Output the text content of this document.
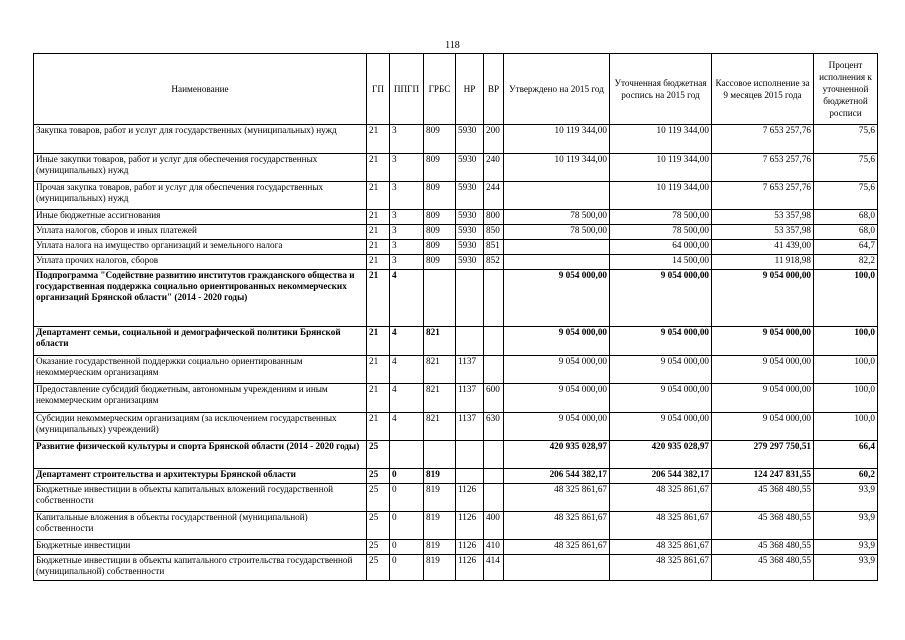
118
Наименование	ГП	ППГП	ГРБС	НР	ВР	Утверждено на 2015 год	Уточненная бюджетная роспись на 2015 год	Кассовое исполнение за 9 месяцев 2015 года	Процент исполнения к уточненной бюджетной росписи
Закупка товаров, работ и услуг для государственных (муниципальных) нужд	21	3	809	5930	200	10 119 344,00	10 119 344,00	7 653 257,76	75,6
Иные закупки товаров, работ и услуг для обеспечения государственных (муниципальных) нужд	21	3	809	5930	240	10 119 344,00	10 119 344,00	7 653 257,76	75,6
Прочая закупка товаров, работ и услуг для обеспечения государственных (муниципальных) нужд	21	3	809	5930	244		10 119 344,00	7 653 257,76	75,6
Иные бюджетные ассигнования	21	3	809	5930	800	78 500,00	78 500,00	53 357,98	68,0
Уплата налогов, сборов и иных платежей	21	3	809	5930	850	78 500,00	78 500,00	53 357,98	68,0
Уплата налога на имущество организаций и земельного налога	21	3	809	5930	851		64 000,00	41 439,00	64,7
Уплата прочих налогов, сборов	21	3	809	5930	852		14 500,00	11 918,98	82,2
Подпрограмма "Содействие развитию институтов гражданского общества и государственная поддержка социально ориентированных некоммерческих организаций Брянской области" (2014 - 2020 годы)	21	4				9 054 000,00	9 054 000,00	9 054 000,00	100,0
Департамент семьи, социальной и демографической политики Брянской области	21	4	821			9 054 000,00	9 054 000,00	9 054 000,00	100,0
Оказание государственной поддержки социально ориентированным некоммерческим организациям	21	4	821	1137		9 054 000,00	9 054 000,00	9 054 000,00	100,0
Предоставление субсидий бюджетным, автономным учреждениям и иным некоммерческим организациям	21	4	821	1137	600	9 054 000,00	9 054 000,00	9 054 000,00	100,0
Субсидии некоммерческим организациям (за исключением государственных (муниципальных) учреждений)	21	4	821	1137	630	9 054 000,00	9 054 000,00	9 054 000,00	100,0
Развитие физической культуры и спорта Брянской области (2014 - 2020 годы)	25					420 935 028,97	420 935 028,97	279 297 750,51	66,4
Департамент строительства и архитектуры Брянской области	25	0	819			206 544 382,17	206 544 382,17	124 247 831,55	60,2
Бюджетные инвестиции в объекты капитальных вложений государственной собственности	25	0	819	1126		48 325 861,67	48 325 861,67	45 368 480,55	93,9
Капитальные вложения в объекты государственной (муниципальной) собственности	25	0	819	1126	400	48 325 861,67	48 325 861,67	45 368 480,55	93,9
Бюджетные инвестиции	25	0	819	1126	410	48 325 861,67	48 325 861,67	45 368 480,55	93,9
Бюджетные инвестиции в объекты капитального строительства государственной (муниципальной) собственности	25	0	819	1126	414		48 325 861,67	45 368 480,55	93,9
